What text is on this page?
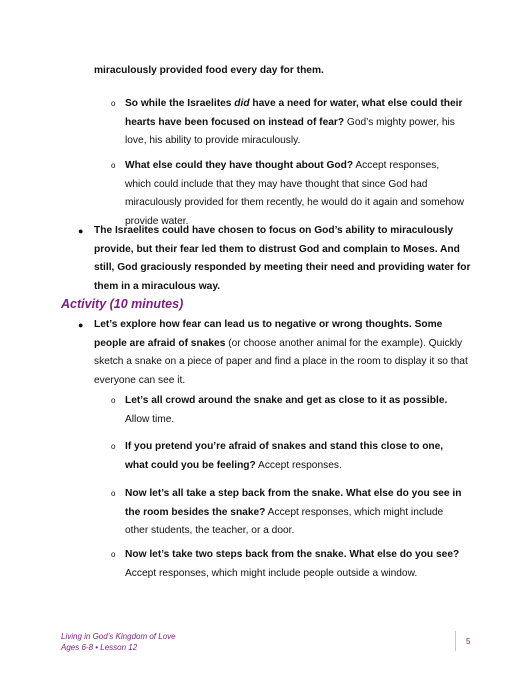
miraculously provided food every day for them.

o So while the Israelites did have a need for water, what else could their hearts have been focused on instead of fear? God’s mighty power, his love, his ability to provide miraculously.

o What else could they have thought about God? Accept responses, which could include that they may have thought that since God had miraculously provided for them recently, he would do it again and somehow provide water.

● The Israelites could have chosen to focus on God’s ability to miraculously provide, but their fear led them to distrust God and complain to Moses. And still, God graciously responded by meeting their need and providing water for them in a miraculous way.

Activity (10 minutes)

● Let’s explore how fear can lead us to negative or wrong thoughts. Some people are afraid of snakes (or choose another animal for the example). Quickly sketch a snake on a piece of paper and find a place in the room to display it so that everyone can see it.

o Let’s all crowd around the snake and get as close to it as possible. Allow time.

o If you pretend you’re afraid of snakes and stand this close to one, what could you be feeling? Accept responses.

o Now let’s all take a step back from the snake. What else do you see in the room besides the snake? Accept responses, which might include other students, the teacher, or a door.

o Now let’s take two steps back from the snake. What else do you see? Accept responses, which might include people outside a window.

Living in God’s Kingdom of Love
Ages 6-8 • Lesson 12
5
